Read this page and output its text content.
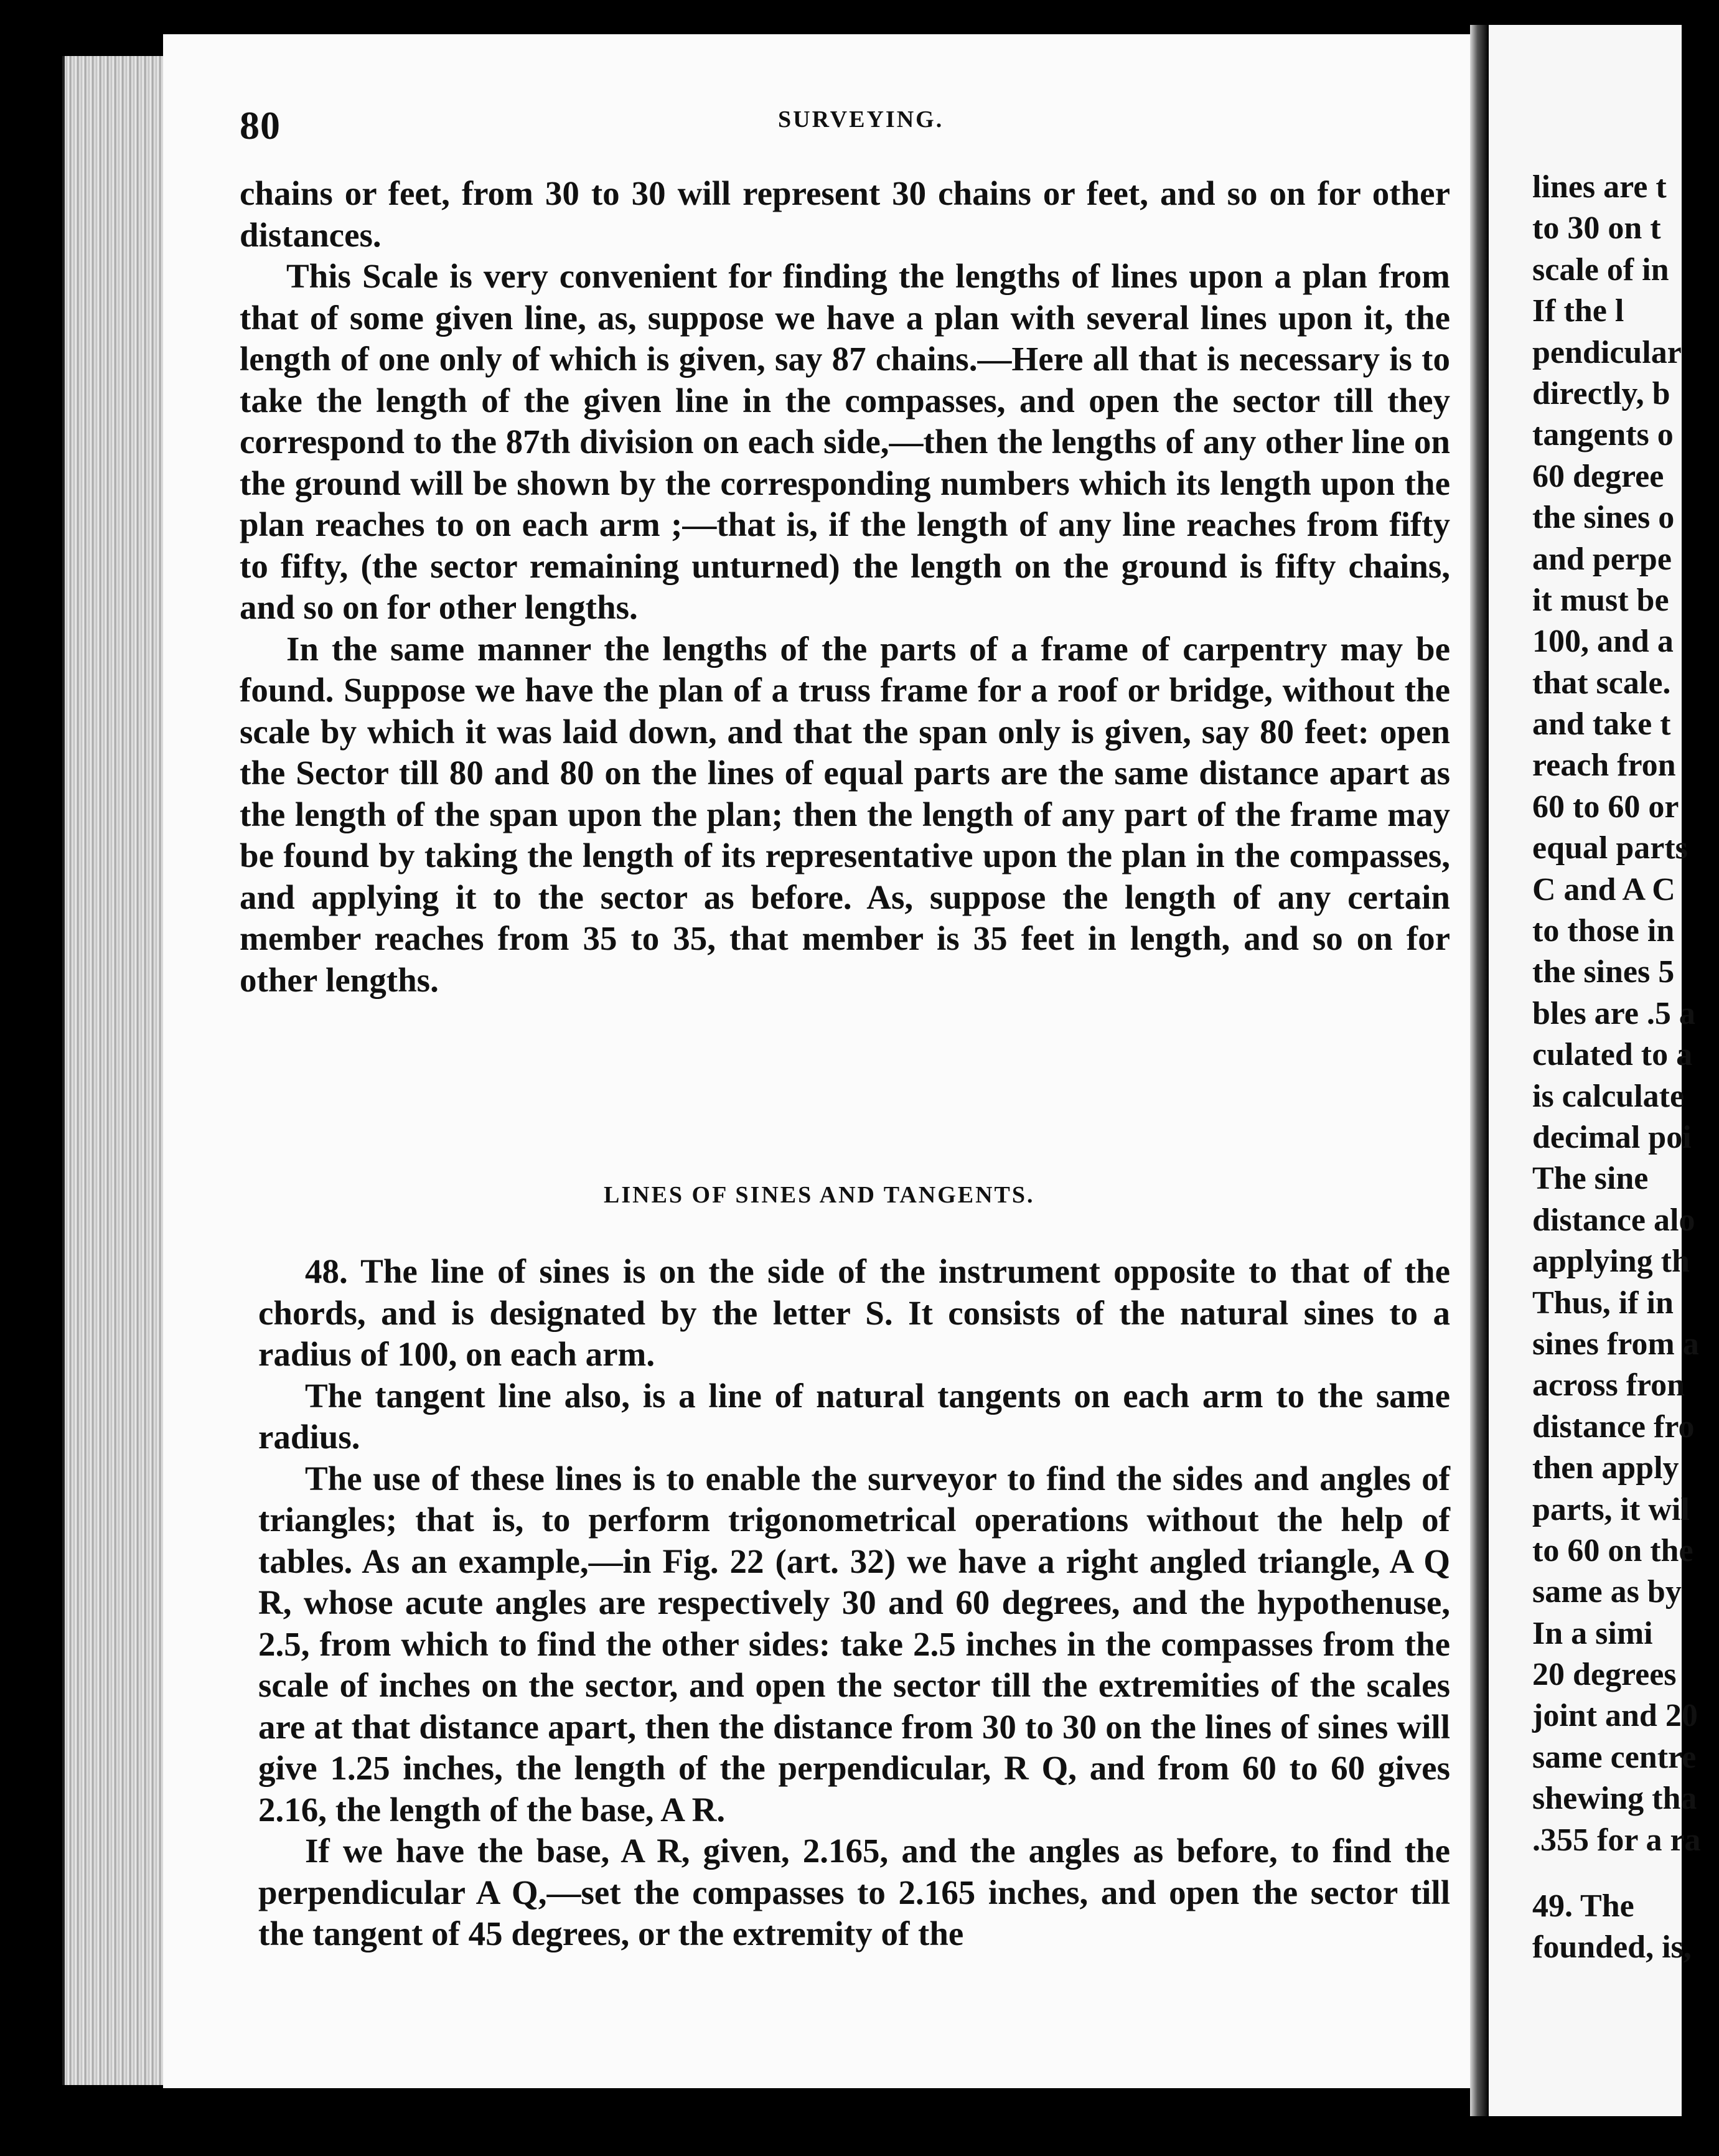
80	SURVEYING.

chains or feet, from 30 to 30 will represent 30 chains or feet, and so on for other distances.

This Scale is very convenient for finding the lengths of lines upon a plan from that of some given line, as, suppose we have a plan with several lines upon it, the length of one only of which is given, say 87 chains.—Here all that is necessary is to take the length of the given line in the compasses, and open the sector till they correspond to the 87th division on each side,—then the lengths of any other line on the ground will be shown by the corresponding numbers which its length upon the plan reaches to on each arm ;—that is, if the length of any line reaches from fifty to fifty, (the sector remaining unturned) the length on the ground is fifty chains, and so on for other lengths.

In the same manner the lengths of the parts of a frame of carpentry may be found. Suppose we have the plan of a truss frame for a roof or bridge, without the scale by which it was laid down, and that the span only is given, say 80 feet: open the Sector till 80 and 80 on the lines of equal parts are the same distance apart as the length of the span upon the plan; then the length of any part of the frame may be found by taking the length of its representative upon the plan in the compasses, and applying it to the sector as before. As, suppose the length of any certain member reaches from 35 to 35, that member is 35 feet in length, and so on for other lengths.

LINES OF SINES AND TANGENTS.

48. The line of sines is on the side of the instrument opposite to that of the chords, and is designated by the letter S. It consists of the natural sines to a radius of 100, on each arm.

The tangent line also, is a line of natural tangents on each arm to the same radius.

The use of these lines is to enable the surveyor to find the sides and angles of triangles; that is, to perform trigonometrical operations without the help of tables. As an example,—in Fig. 22 (art. 32) we have a right angled triangle, A Q R, whose acute angles are respectively 30 and 60 degrees, and the hypothenuse, 2.5, from which to find the other sides: take 2.5 inches in the compasses from the scale of inches on the sector, and open the sector till the extremities of the scales are at that distance apart, then the distance from 30 to 30 on the lines of sines will give 1.25 inches, the length of the perpendicular, R Q, and from 60 to 60 gives 2.16, the length of the base, A R.

If we have the base, A R, given, 2.165, and the angles as before, to find the perpendicular A Q,—set the compasses to 2.165 inches, and open the sector till the tangent of 45 degrees, or the extremity of the

lines are t
to 30 on t
scale of in
If the l
pendicular
directly, b
tangents o
60 degree
the sines o
and perpe
it must be
100, and a
that scale.
and take t
reach fron
60 to 60 or
equal parts
C and A C
to those in
the sines 5
bles are .5 a
culated to a
is calculate
decimal poi
The sine
distance alo
applying th
Thus, if in
sines from a
across fron
distance fro
then apply
parts, it wil
to 60 on the
same as by
In a simi
20 degrees
joint and 20
same centre
shewing tha
.355 for a ra
49. The
founded, is,
